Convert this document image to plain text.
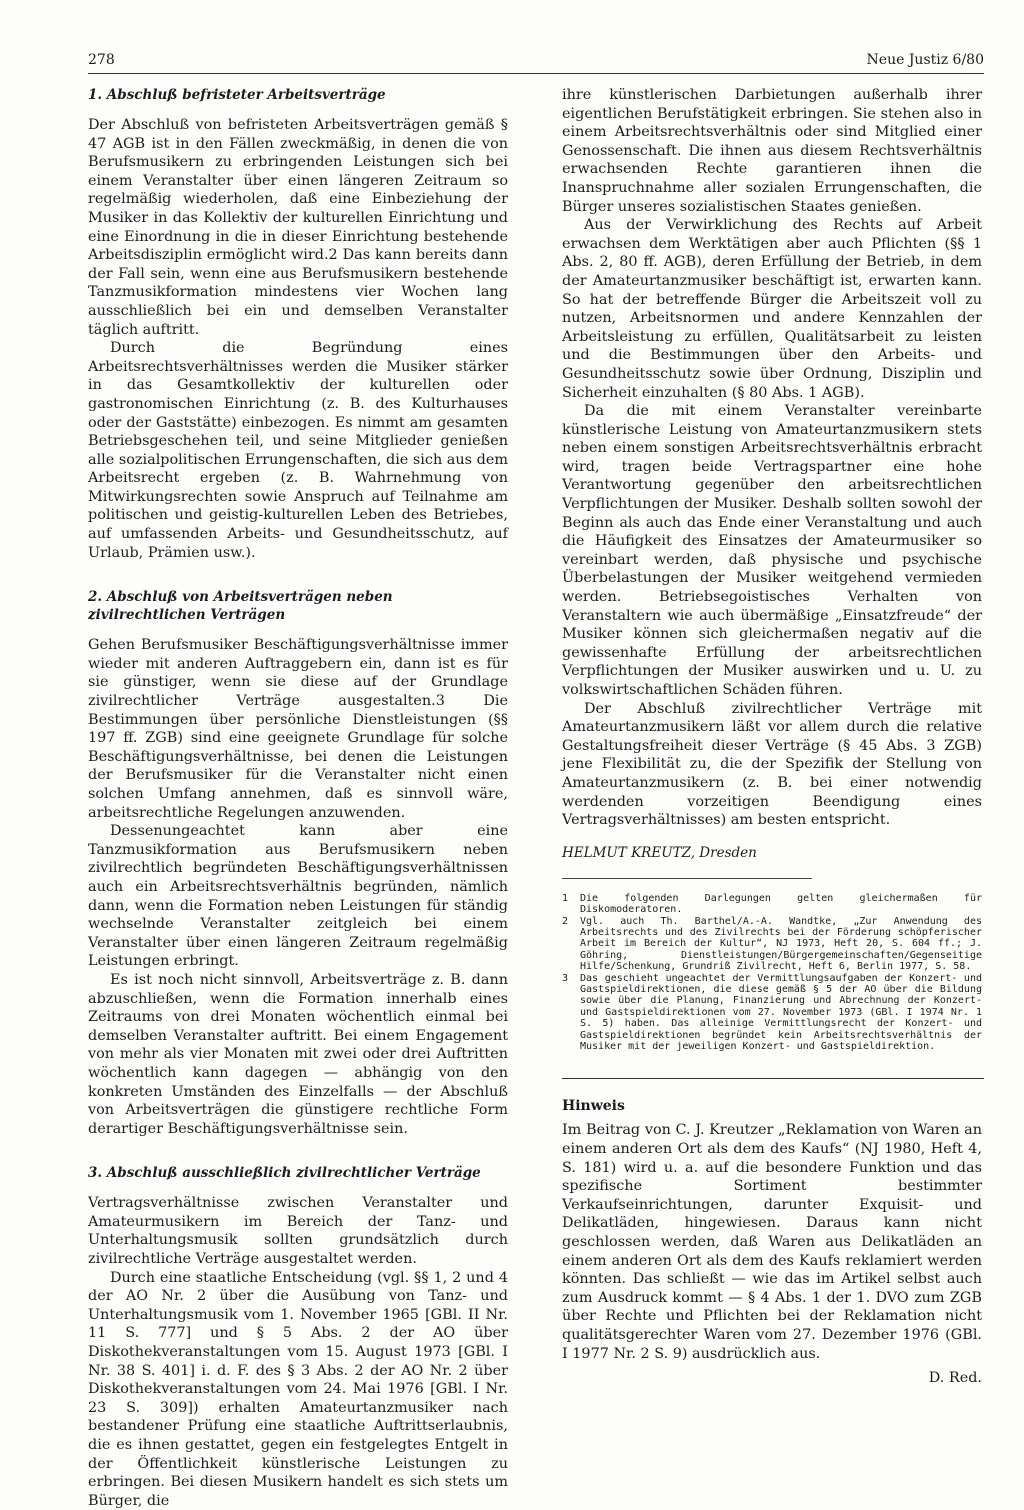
278	Neue Justiz 6/80
1. Abschluß befristeter Arbeitsverträge

Der Abschluß von befristeten Arbeitsverträgen gemäß § 47 AGB ist in den Fällen zweckmäßig, in denen die von Berufsmusikern zu erbringenden Leistungen sich bei einem Veranstalter über einen längeren Zeitraum so regelmäßig wiederholen, daß eine Einbeziehung der Musiker in das Kollektiv der kulturellen Einrichtung und eine Einordnung in die in dieser Einrichtung bestehende Arbeitsdisziplin ermöglicht wird.2 Das kann bereits dann der Fall sein, wenn eine aus Berufsmusikern bestehende Tanzmusikformation mindestens vier Wochen lang ausschließlich bei ein und demselben Veranstalter täglich auftritt.

Durch die Begründung eines Arbeitsrechtsverhältnisses werden die Musiker stärker in das Gesamtkollektiv der kulturellen oder gastronomischen Einrichtung (z. B. des Kulturhauses oder der Gaststätte) einbezogen. Es nimmt am gesamten Betriebsgeschehen teil, und seine Mitglieder genießen alle sozialpolitischen Errungenschaften, die sich aus dem Arbeitsrecht ergeben (z. B. Wahrnehmung von Mitwirkungsrechten sowie Anspruch auf Teilnahme am politischen und geistig-kulturellen Leben des Betriebes, auf umfassenden Arbeits- und Gesundheitsschutz, auf Urlaub, Prämien usw.).

2. Abschluß von Arbeitsverträgen neben zivilrechtlichen Verträgen

Gehen Berufsmusiker Beschäftigungsverhältnisse immer wieder mit anderen Auftraggebern ein, dann ist es für sie günstiger, wenn sie diese auf der Grundlage zivilrechtlicher Verträge ausgestalten.3 Die Bestimmungen über persönliche Dienstleistungen (§§ 197 ff. ZGB) sind eine geeignete Grundlage für solche Beschäftigungsverhältnisse, bei denen die Leistungen der Berufsmusiker für die Veranstalter nicht einen solchen Umfang annehmen, daß es sinnvoll wäre, arbeitsrechtliche Regelungen anzuwenden.

Dessenungeachtet kann aber eine Tanzmusikformation aus Berufsmusikern neben zivilrechtlich begründeten Beschäftigungsverhältnissen auch ein Arbeitsrechtsverhältnis begründen, nämlich dann, wenn die Formation neben Leistungen für ständig wechselnde Veranstalter zeitgleich bei einem Veranstalter über einen längeren Zeitraum regelmäßig Leistungen erbringt.

Es ist noch nicht sinnvoll, Arbeitsverträge z. B. dann abzuschließen, wenn die Formation innerhalb eines Zeitraums von drei Monaten wöchentlich einmal bei demselben Veranstalter auftritt. Bei einem Engagement von mehr als vier Monaten mit zwei oder drei Auftritten wöchentlich kann dagegen — abhängig von den konkreten Umständen des Einzelfalls — der Abschluß von Arbeitsverträgen die günstigere rechtliche Form derartiger Beschäftigungsverhältnisse sein.

3. Abschluß ausschließlich zivilrechtlicher Verträge

Vertragsverhältnisse zwischen Veranstalter und Amateurmusikern im Bereich der Tanz- und Unterhaltungsmusik sollten grundsätzlich durch zivilrechtliche Verträge ausgestaltet werden.

Durch eine staatliche Entscheidung (vgl. §§ 1, 2 und 4 der AO Nr. 2 über die Ausübung von Tanz- und Unterhaltungsmusik vom 1. November 1965 [GBl. II Nr. 11 S. 777] und § 5 Abs. 2 der AO über Diskothekveranstaltungen vom 15. August 1973 [GBl. I Nr. 38 S. 401] i. d. F. des § 3 Abs. 2 der AO Nr. 2 über Diskothekveranstaltungen vom 24. Mai 1976 [GBl. I Nr. 23 S. 309]) erhalten Amateurtanzmusiker nach bestandener Prüfung eine staatliche Auftrittserlaubnis, die es ihnen gestattet, gegen ein festgelegtes Entgelt in der Öffentlichkeit künstlerische Leistungen zu erbringen. Bei diesen Musikern handelt es sich stets um Bürger, die

ihre künstlerischen Darbietungen außerhalb ihrer eigentlichen Berufstätigkeit erbringen. Sie stehen also in einem Arbeitsrechtsverhältnis oder sind Mitglied einer Genossenschaft. Die ihnen aus diesem Rechtsverhältnis erwachsenden Rechte garantieren ihnen die Inanspruchnahme aller sozialen Errungenschaften, die Bürger unseres sozialistischen Staates genießen.

Aus der Verwirklichung des Rechts auf Arbeit erwachsen dem Werktätigen aber auch Pflichten (§§ 1 Abs. 2, 80 ff. AGB), deren Erfüllung der Betrieb, in dem der Amateurtanzmusiker beschäftigt ist, erwarten kann. So hat der betreffende Bürger die Arbeitszeit voll zu nutzen, Arbeitsnormen und andere Kennzahlen der Arbeitsleistung zu erfüllen, Qualitätsarbeit zu leisten und die Bestimmungen über den Arbeits- und Gesundheitsschutz sowie über Ordnung, Disziplin und Sicherheit einzuhalten (§ 80 Abs. 1 AGB).

Da die mit einem Veranstalter vereinbarte künstlerische Leistung von Amateurtanzmusikern stets neben einem sonstigen Arbeitsrechtsverhältnis erbracht wird, tragen beide Vertragspartner eine hohe Verantwortung gegenüber den arbeitsrechtlichen Verpflichtungen der Musiker. Deshalb sollten sowohl der Beginn als auch das Ende einer Veranstaltung und auch die Häufigkeit des Einsatzes der Amateurmusiker so vereinbart werden, daß physische und psychische Überbelastungen der Musiker weitgehend vermieden werden. Betriebsegoistisches Verhalten von Veranstaltern wie auch übermäßige „Einsatzfreude“ der Musiker können sich gleichermaßen negativ auf die gewissenhafte Erfüllung der arbeitsrechtlichen Verpflichtungen der Musiker auswirken und u. U. zu volkswirtschaftlichen Schäden führen.

Der Abschluß zivilrechtlicher Verträge mit Amateurtanzmusikern läßt vor allem durch die relative Gestaltungsfreiheit dieser Verträge (§ 45 Abs. 3 ZGB) jene Flexibilität zu, die der Spezifik der Stellung von Amateurtanzmusikern (z. B. bei einer notwendig werdenden vorzeitigen Beendigung eines Vertragsverhältnisses) am besten entspricht.

HELMUT KREUTZ, Dresden
1	Die folgenden Darlegungen gelten gleichermaßen für Diskomoderatoren.
2	Vgl. auch Th. Barthel/A.-A. Wandtke, „Zur Anwendung des Arbeitsrechts und des Zivilrechts bei der Förderung schöpferischer Arbeit im Bereich der Kultur“, NJ 1973, Heft 20, S. 604 ff.; J. Göhring, Dienstleistungen/Bürgergemeinschaften/Gegenseitige Hilfe/Schenkung, Grundriß Zivilrecht, Heft 6, Berlin 1977, S. 58.
3	Das geschieht ungeachtet der Vermittlungsaufgaben der Konzert- und Gastspieldirektionen, die diese gemäß § 5 der AO über die Bildung sowie über die Planung, Finanzierung und Abrechnung der Konzert- und Gastspieldirektionen vom 27. November 1973 (GBl. I 1974 Nr. 1 S. 5) haben. Das alleinige Vermittlungsrecht der Konzert- und Gastspieldirektionen begründet kein Arbeitsrechtsverhältnis der Musiker mit der jeweiligen Konzert- und Gastspieldirektion.
Hinweis

Im Beitrag von C. J. Kreutzer „Reklamation von Waren an einem anderen Ort als dem des Kaufs“ (NJ 1980, Heft 4, S. 181) wird u. a. auf die besondere Funktion und das spezifische Sortiment bestimmter Verkaufseinrichtungen, darunter Exquisit- und Delikatläden, hingewiesen. Daraus kann nicht geschlossen werden, daß Waren aus Delikatläden an einem anderen Ort als dem des Kaufs reklamiert werden könnten. Das schließt — wie das im Artikel selbst auch zum Ausdruck kommt — § 4 Abs. 1 der 1. DVO zum ZGB über Rechte und Pflichten bei der Reklamation nicht qualitätsgerechter Waren vom 27. Dezember 1976 (GBl. I 1977 Nr. 2 S. 9) ausdrücklich aus.

D. Red.
